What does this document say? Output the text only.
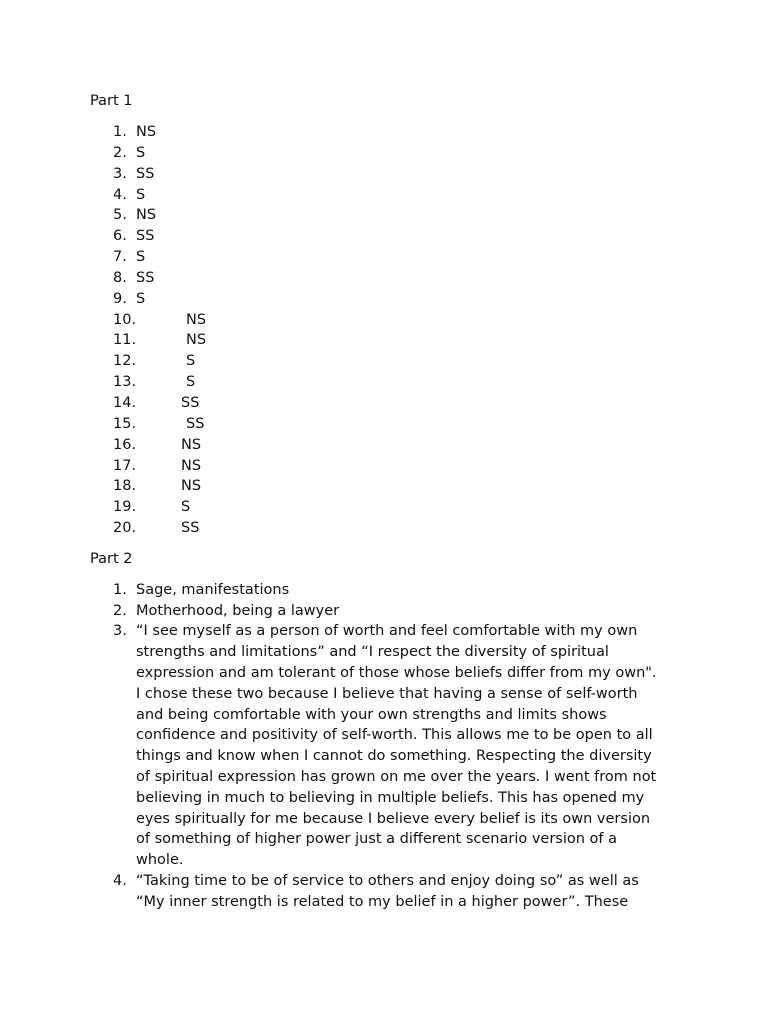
Part 1

1. NS
2. S
3. SS
4. S
5. NS
6. SS
7. S
8. SS
9. S
10.	NS
11.	NS
12.	S
13.	S
14.	SS
15.	SS
16.	NS
17.	NS
18.	NS
19.	S
20.	SS

Part 2

1. Sage, manifestations
2. Motherhood, being a lawyer
3. “I see myself as a person of worth and feel comfortable with my own
strengths and limitations” and “I respect the diversity of spiritual
expression and am tolerant of those whose beliefs differ from my own".
I chose these two because I believe that having a sense of self-worth
and being comfortable with your own strengths and limits shows
confidence and positivity of self-worth. This allows me to be open to all
things and know when I cannot do something. Respecting the diversity
of spiritual expression has grown on me over the years. I went from not
believing in much to believing in multiple beliefs. This has opened my
eyes spiritually for me because I believe every belief is its own version
of something of higher power just a different scenario version of a
whole.
4. “Taking time to be of service to others and enjoy doing so” as well as
“My inner strength is related to my belief in a higher power”. These
